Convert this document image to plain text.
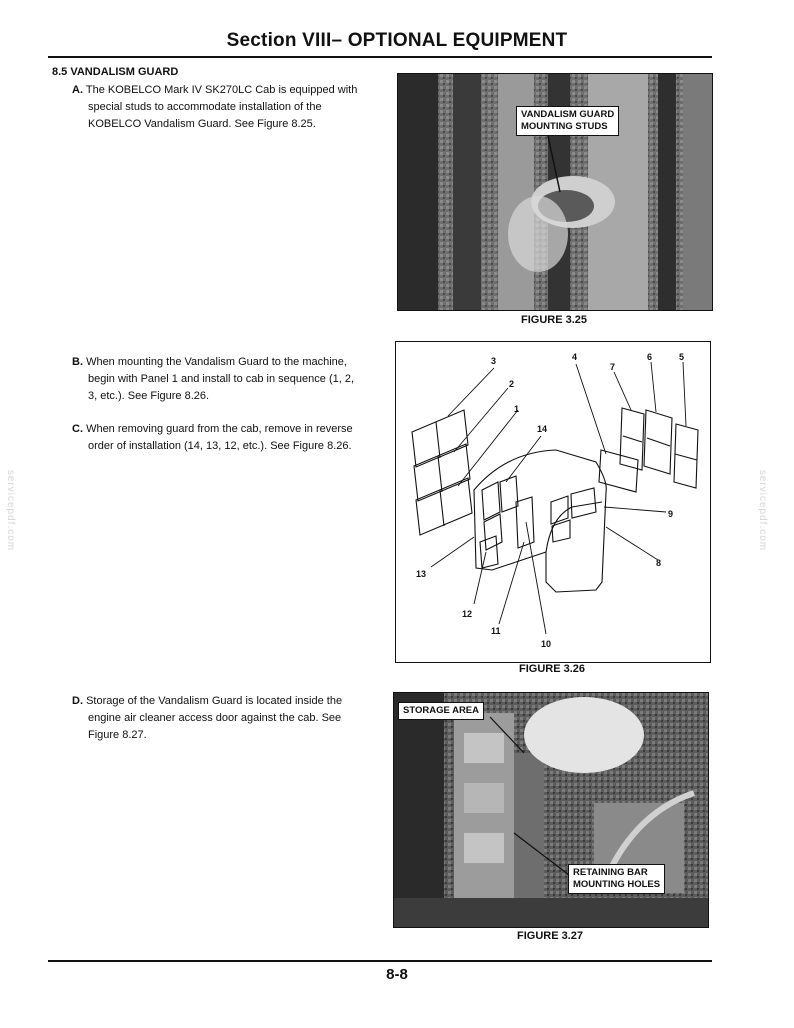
Section VIII– OPTIONAL EQUIPMENT
8.5 VANDALISM GUARD
A. The KOBELCO Mark IV SK270LC Cab is equipped with special studs to accommodate installation of the KOBELCO Vandalism Guard. See Figure 8.25.
B. When mounting the Vandalism Guard to the machine, begin with Panel 1 and install to cab in sequence (1, 2, 3, etc.). See Figure 8.26.
C. When removing guard from the cab, remove in reverse order of installation (14, 13, 12, etc.). See Figure 8.26.
D. Storage of the Vandalism Guard is located inside the engine air cleaner access door against the cab. See Figure 8.27.
VANDALISM GUARD
MOUNTING STUDS
FIGURE 3.25
1
2
3	4	5
6
7
8
9
10
11
12
13
14
FIGURE 3.26
STORAGE AREA
RETAINING BAR
MOUNTING HOLES
FIGURE 3.27
servicepdf.com	servicepdf.com
8-8
